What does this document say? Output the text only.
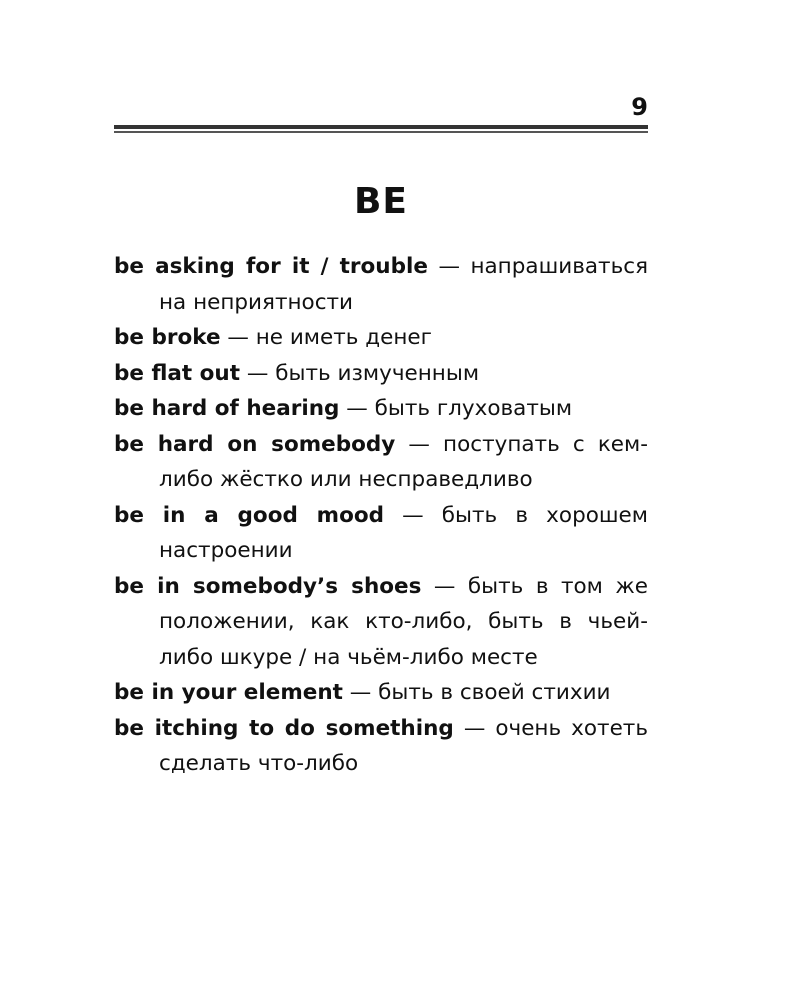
9
BE
be asking for it / trouble — напрашиваться на неприятности
be broke — не иметь денег
be flat out — быть измученным
be hard of hearing — быть глуховатым
be hard on somebody — поступать с кем-либо жёстко или несправедливо
be in a good mood — быть в хорошем настроении
be in somebody’s shoes — быть в том же положении, как кто-либо, быть в чьей-либо шкуре / на чьём-либо месте
be in your element — быть в своей стихии
be itching to do something — очень хотеть сделать что-либо
